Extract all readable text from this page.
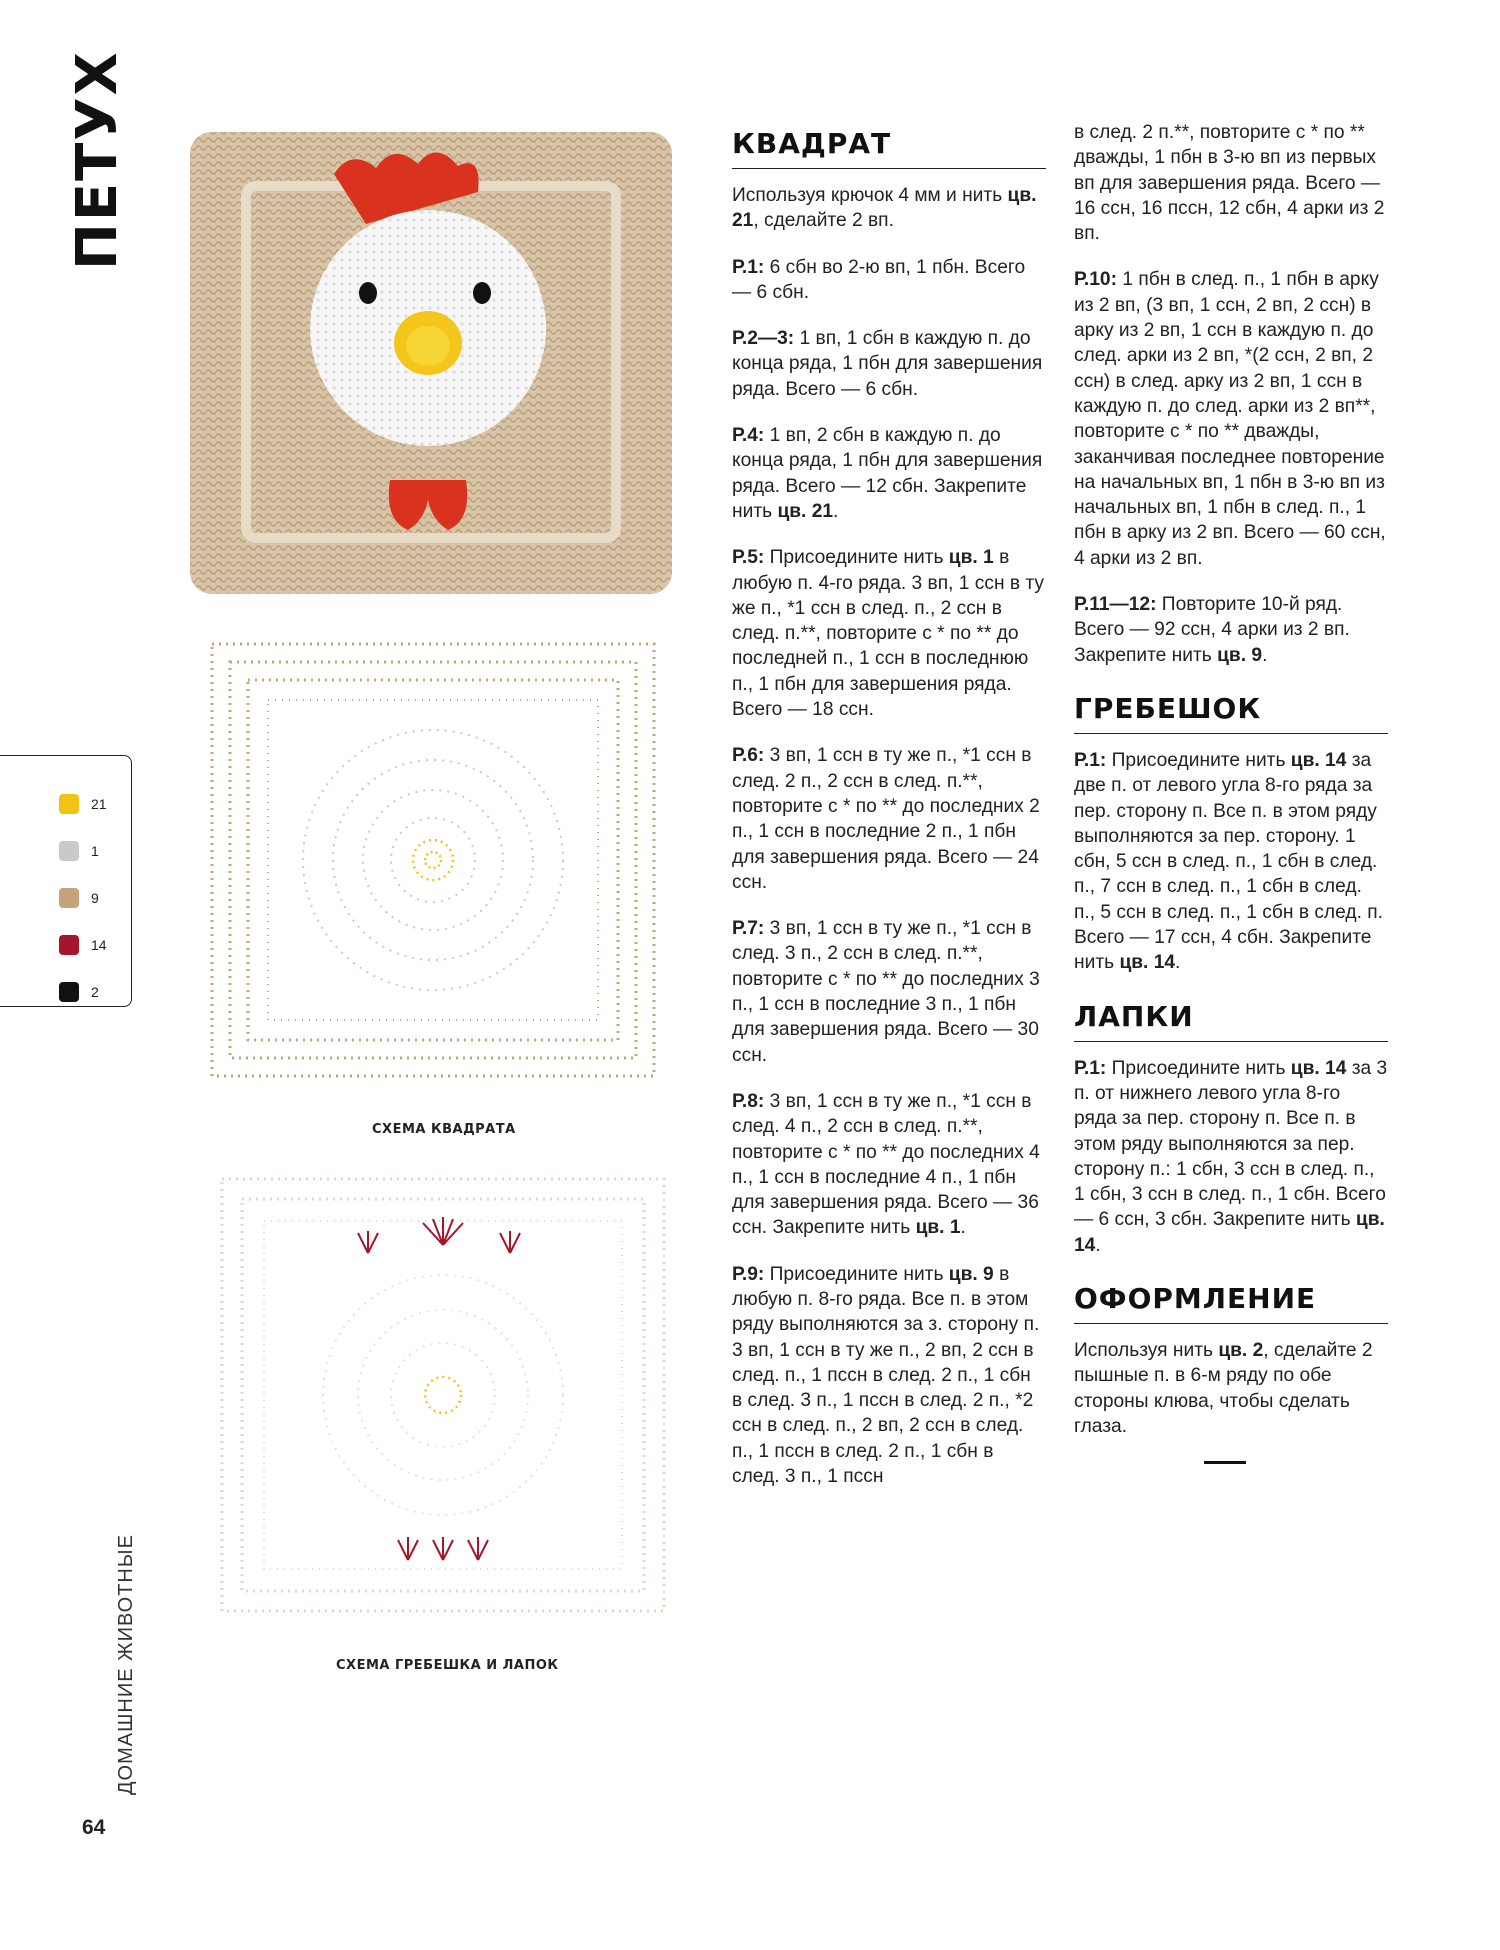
ПЕТУХ
21
1
9
14
2
ДОМАШНИЕ ЖИВОТНЫЕ
64
СХЕМА КВАДРАТА
СХЕМА ГРЕБЕШКА И ЛАПОК
КВАДРАТ
Используя крючок 4 мм и нить цв. 21, сделайте 2 вп.
Р.1: 6 сбн во 2-ю вп, 1 пбн. Всего — 6 сбн.
Р.2—3: 1 вп, 1 сбн в каждую п. до конца ряда, 1 пбн для завершения ряда. Всего — 6 сбн.
Р.4: 1 вп, 2 сбн в каждую п. до конца ряда, 1 пбн для завершения ряда. Всего — 12 сбн. Закрепите нить цв. 21.
Р.5: Присоедините нить цв. 1 в любую п. 4-го ряда. 3 вп, 1 ссн в ту же п., *1 ссн в след. п., 2 ссн в след. п.**, повторите с * по ** до последней п., 1 ссн в последнюю п., 1 пбн для завершения ряда. Всего — 18 ссн.
Р.6: 3 вп, 1 ссн в ту же п., *1 ссн в след. 2 п., 2 ссн в след. п.**, повторите с * по ** до последних 2 п., 1 ссн в последние 2 п., 1 пбн для завершения ряда. Всего — 24 ссн.
Р.7: 3 вп, 1 ссн в ту же п., *1 ссн в след. 3 п., 2 ссн в след. п.**, повторите с * по ** до последних 3 п., 1 ссн в последние 3 п., 1 пбн для завершения ряда. Всего — 30 ссн.
Р.8: 3 вп, 1 ссн в ту же п., *1 ссн в след. 4 п., 2 ссн в след. п.**, повторите с * по ** до последних 4 п., 1 ссн в последние 4 п., 1 пбн для завершения ряда. Всего — 36 ссн. Закрепите нить цв. 1.
Р.9: Присоедините нить цв. 9 в любую п. 8-го ряда. Все п. в этом ряду выполняются за з. сторону п. 3 вп, 1 ссн в ту же п., 2 вп, 2 ссн в след. п., 1 пссн в след. 2 п., 1 сбн в след. 3 п., 1 пссн в след. 2 п., *2 ссн в след. п., 2 вп, 2 ссн в след. п., 1 пссн в след. 2 п., 1 сбн в след. 3 п., 1 пссн
в след. 2 п.**, повторите с * по ** дважды, 1 пбн в 3-ю вп из первых вп для завершения ряда. Всего — 16 ссн, 16 пссн, 12 сбн, 4 арки из 2 вп.
Р.10: 1 пбн в след. п., 1 пбн в арку из 2 вп, (3 вп, 1 ссн, 2 вп, 2 ссн) в арку из 2 вп, 1 ссн в каждую п. до след. арки из 2 вп, *(2 ссн, 2 вп, 2 ссн) в след. арку из 2 вп, 1 ссн в каждую п. до след. арки из 2 вп**, повторите с * по ** дважды, заканчивая последнее повторение на начальных вп, 1 пбн в 3-ю вп из начальных вп, 1 пбн в след. п., 1 пбн в арку из 2 вп. Всего — 60 ссн, 4 арки из 2 вп.
Р.11—12: Повторите 10-й ряд. Всего — 92 ссн, 4 арки из 2 вп. Закрепите нить цв. 9.
ГРЕБЕШОК
Р.1: Присоедините нить цв. 14 за две п. от левого угла 8-го ряда за пер. сторону п. Все п. в этом ряду выполняются за пер. сторону. 1 сбн, 5 ссн в след. п., 1 сбн в след. п., 7 ссн в след. п., 1 сбн в след. п., 5 ссн в след. п., 1 сбн в след. п. Всего — 17 ссн, 4 сбн. Закрепите нить цв. 14.
ЛАПКИ
Р.1: Присоедините нить цв. 14 за 3 п. от нижнего левого угла 8-го ряда за пер. сторону п. Все п. в этом ряду выполняются за пер. сторону п.: 1 сбн, 3 ссн в след. п., 1 сбн, 3 ссн в след. п., 1 сбн. Всего — 6 ссн, 3 сбн. Закрепите нить цв. 14.
ОФОРМЛЕНИЕ
Используя нить цв. 2, сделайте 2 пышные п. в 6-м ряду по обе стороны клюва, чтобы сделать глаза.
